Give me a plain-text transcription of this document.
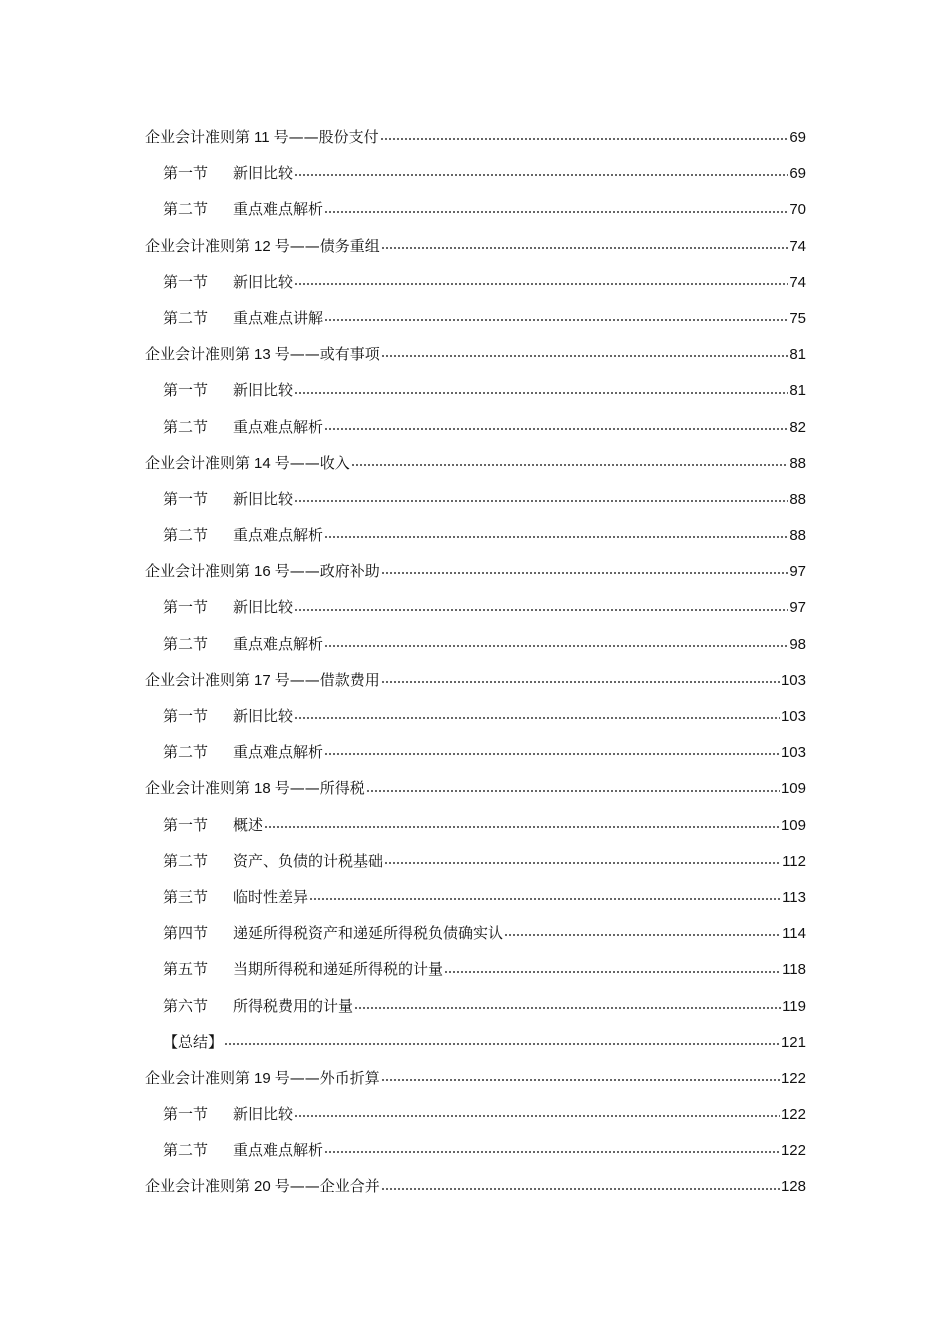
企业会计准则第 11 号——股份支付	69
第一节	新旧比较	69
第二节	重点难点解析	70
企业会计准则第 12 号——债务重组	74
第一节	新旧比较	74
第二节	重点难点讲解	75
企业会计准则第 13 号——或有事项	81
第一节	新旧比较	81
第二节	重点难点解析	82
企业会计准则第 14 号——收入	88
第一节	新旧比较	88
第二节	重点难点解析	88
企业会计准则第 16 号——政府补助	97
第一节	新旧比较	97
第二节	重点难点解析	98
企业会计准则第 17 号——借款费用	103
第一节	新旧比较	103
第二节	重点难点解析	103
企业会计准则第 18 号——所得税	109
第一节	概述	109
第二节	资产、负债的计税基础	112
第三节	临时性差异	113
第四节	递延所得税资产和递延所得税负债确实认	114
第五节	当期所得税和递延所得税的计量	118
第六节	所得税费用的计量	119
【总结】	121
企业会计准则第 19 号——外币折算	122
第一节	新旧比较	122
第二节	重点难点解析	122
企业会计准则第 20 号——企业合并	128
